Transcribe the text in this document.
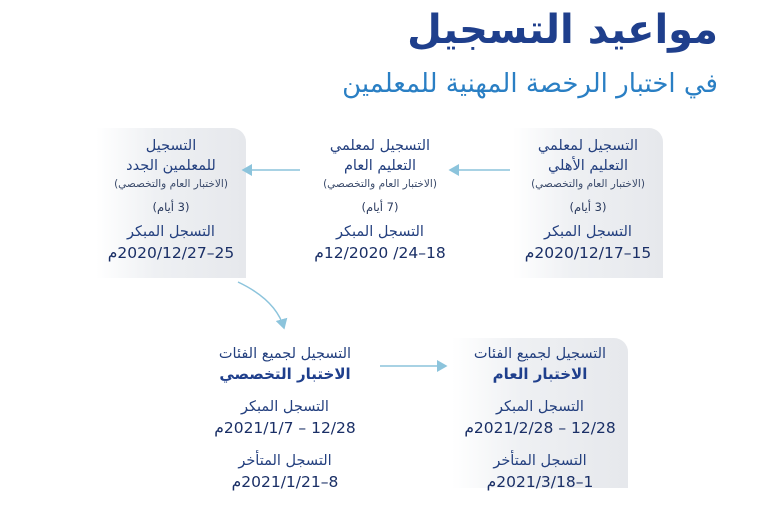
مواعيد التسجيل
في اختبار الرخصة المهنية للمعلمين
التسجيل لمعلمي
التعليم الأهلي
(الاختبار العام والتخصصي)
(3 أيام)
التسجل المبكر
15–2020/12/17م
التسجيل لمعلمي
التعليم العام
(الاختبار العام والتخصصي)
(7 أيام)
التسجل المبكر
18–24/ 12/2020م
التسجيل
للمعلمين الجدد
(الاختبار العام والتخصصي)
(3 أيام)
التسجل المبكر
25–2020/12/27م
التسجيل لجميع الفئات
الاختبار العام
التسجل المبكر
12/28 – 2021/2/28م
التسجل المتأخر
1–2021/3/18م
التسجيل لجميع الفئات
الاختبار التخصصي
التسجل المبكر
12/28 – 2021/1/7م
التسجل المتأخر
8–2021/1/21م
